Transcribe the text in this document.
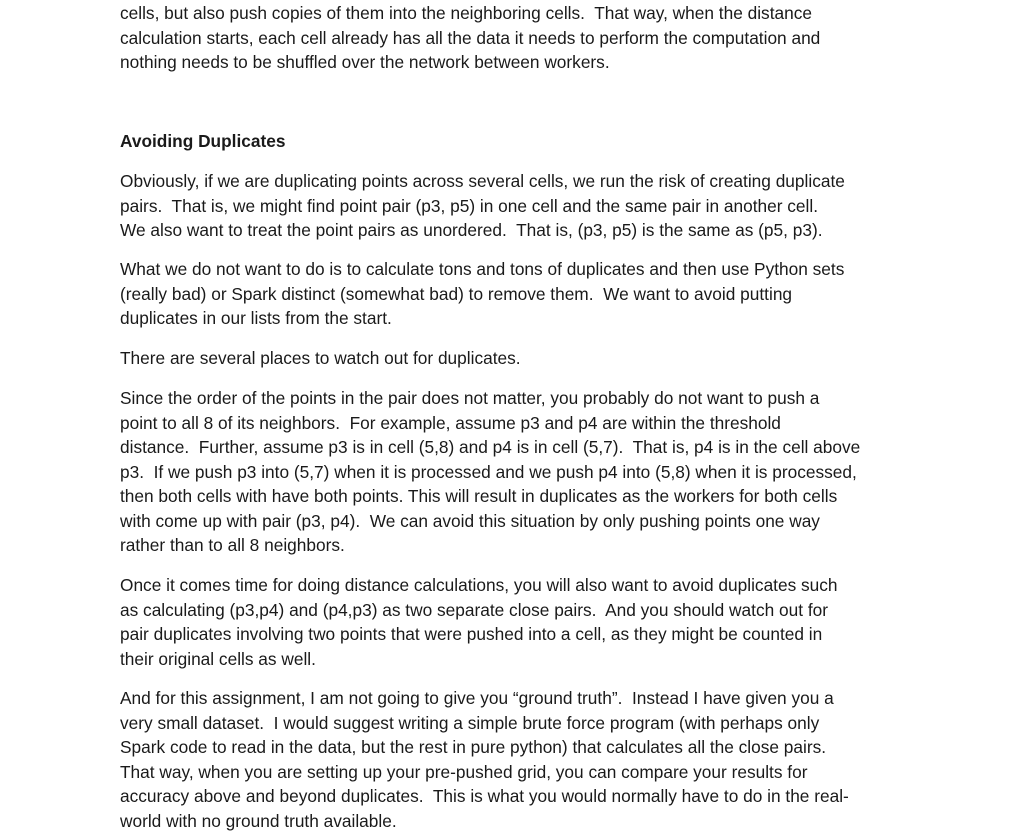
cells, but also push copies of them into the neighboring cells.  That way, when the distance
calculation starts, each cell already has all the data it needs to perform the computation and
nothing needs to be shuffled over the network between workers.
Avoiding Duplicates
Obviously, if we are duplicating points across several cells, we run the risk of creating duplicate
pairs.  That is, we might find point pair (p3, p5) in one cell and the same pair in another cell.
We also want to treat the point pairs as unordered.  That is, (p3, p5) is the same as (p5, p3).
What we do not want to do is to calculate tons and tons of duplicates and then use Python sets
(really bad) or Spark distinct (somewhat bad) to remove them.  We want to avoid putting
duplicates in our lists from the start.
There are several places to watch out for duplicates.
Since the order of the points in the pair does not matter, you probably do not want to push a
point to all 8 of its neighbors.  For example, assume p3 and p4 are within the threshold
distance.  Further, assume p3 is in cell (5,8) and p4 is in cell (5,7).  That is, p4 is in the cell above
p3.  If we push p3 into (5,7) when it is processed and we push p4 into (5,8) when it is processed,
then both cells with have both points. This will result in duplicates as the workers for both cells
with come up with pair (p3, p4).  We can avoid this situation by only pushing points one way
rather than to all 8 neighbors.
Once it comes time for doing distance calculations, you will also want to avoid duplicates such
as calculating (p3,p4) and (p4,p3) as two separate close pairs.  And you should watch out for
pair duplicates involving two points that were pushed into a cell, as they might be counted in
their original cells as well.
And for this assignment, I am not going to give you “ground truth”.  Instead I have given you a
very small dataset.  I would suggest writing a simple brute force program (with perhaps only
Spark code to read in the data, but the rest in pure python) that calculates all the close pairs.
That way, when you are setting up your pre-pushed grid, you can compare your results for
accuracy above and beyond duplicates.  This is what you would normally have to do in the real-
world with no ground truth available.
